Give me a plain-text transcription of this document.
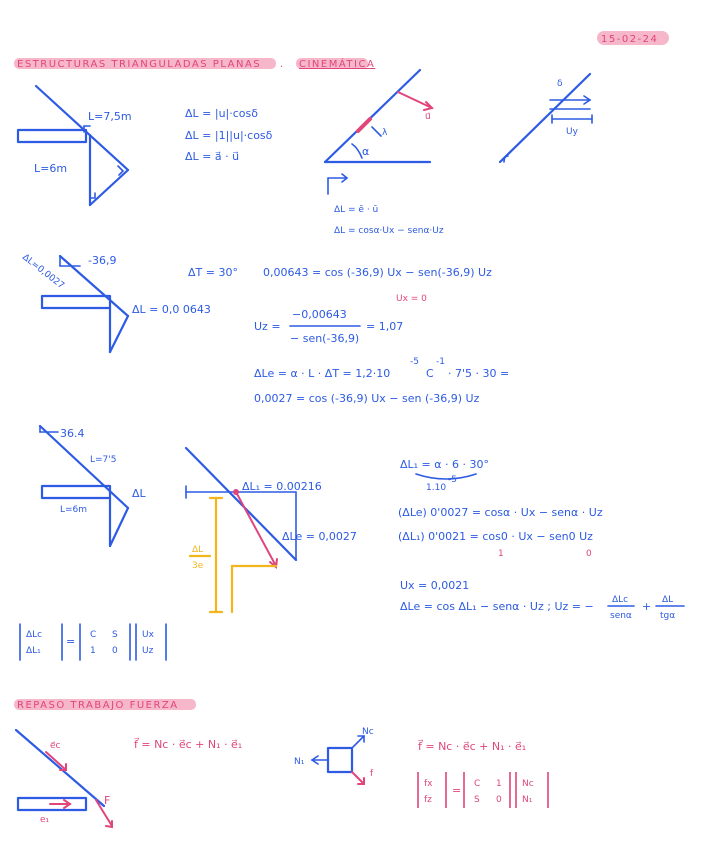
15-02-24
ESTRUCTURAS TRIANGULADAS PLANAS . CINEMÁTICA
L=7,5m
L=6m
ΔL = |u|·cosδ
ΔL = |1||u|·cosδ
ΔL = a⃗ · u⃗
u⃗
α
λ
δ
Uy
ΔL = ē · ū
ΔL = cosα·Ux − senα·Uz
-36,9
ΔL=0,0027	ΔT = 30°
ΔL = 0,0 0643
0,00643 = cos (-36,9) Ux − sen(-36,9) Uz
Ux = 0
Uz =
−0,00643
− sen(-36,9)
= 1,07
ΔLe = α · L · ΔT = 1,2·10
-5
C
-1
· 7'5 · 30 =
0,0027 = cos (-36,9) Ux − sen (-36,9) Uz
36.4
L=7'5
L=6m
ΔL
ΔL₁ = 0.00216
ΔLe = 0,0027
ΔL
3e
ΔL₁ = α · 6 · 30°
1.10
-5
(ΔLe) 0'0027 = cosα · Ux − senα · Uz
(ΔL₁) 0'0021 = cos0 · Ux − sen0 Uz
1	0
Ux = 0,0021
ΔLe = cos ΔL₁ − senα · Uz ; Uz = − ΔLc
senα
+ ΔL
tgα
ΔLc
ΔL₁
= C S
1 0
Ux
Uz
REPASO TRABAJO FUERZA
e⃗c
e₁
F
f⃗ = Nc · e⃗c + N₁ · e⃗₁
Nc
N₁
f
f⃗ = Nc · e⃗c + N₁ · e⃗₁
fx
fz
= C 1
S 0
Nc
N₁
